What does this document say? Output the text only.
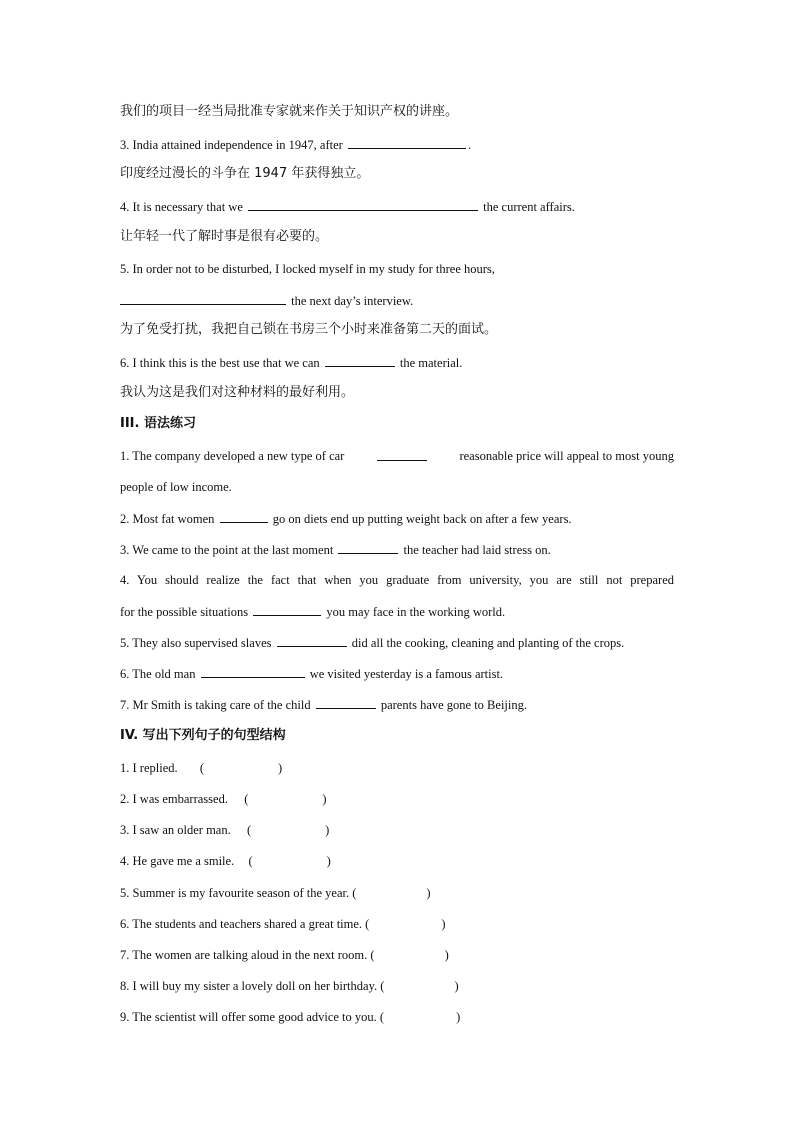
我们的项目一经当局批准专家就来作关于知识产权的讲座。
3. India attained independence in 1947, after	.
印度经过漫长的斗争在 1947 年获得独立。
4. It is necessary that we	the current affairs.
让年轻一代了解时事是很有必要的。
5. In order not to be disturbed, I locked myself in my study for three hours,
the next day’s interview.
为了免受打扰，我把自己锁在书房三个小时来准备第二天的面试。
6. I think this is the best use that we can	the material.
我认为这是我们对这种材料的最好利用。
III. 语法练习
1. The company developed a new type of car	reasonable price will appeal to most young
people of low income.
2. Most fat women	go on diets end up putting weight back on after a few years.
3. We came to the point at the last moment	the teacher had laid stress on.
4. You should realize the fact that when you graduate from university, you are still not prepared
for the possible situations	you may face in the working world.
5. They also supervised slaves	did all the cooking, cleaning and planting of the crops.
6. The old man	we visited yesterday is a famous artist.
7. Mr Smith is taking care of the child	parents have gone to Beijing.
IV. 写出下列句子的句型结构
1. I replied. (	)
2. I was embarrassed. (	)
3. I saw an older man. (	)
4. He gave me a smile. (	)
5. Summer is my favourite season of the year. (	)
6. The students and teachers shared a great time. (	)
7. The women are talking aloud in the next room. (	)
8. I will buy my sister a lovely doll on her birthday. (	)
9. The scientist will offer some good advice to you. (	)
